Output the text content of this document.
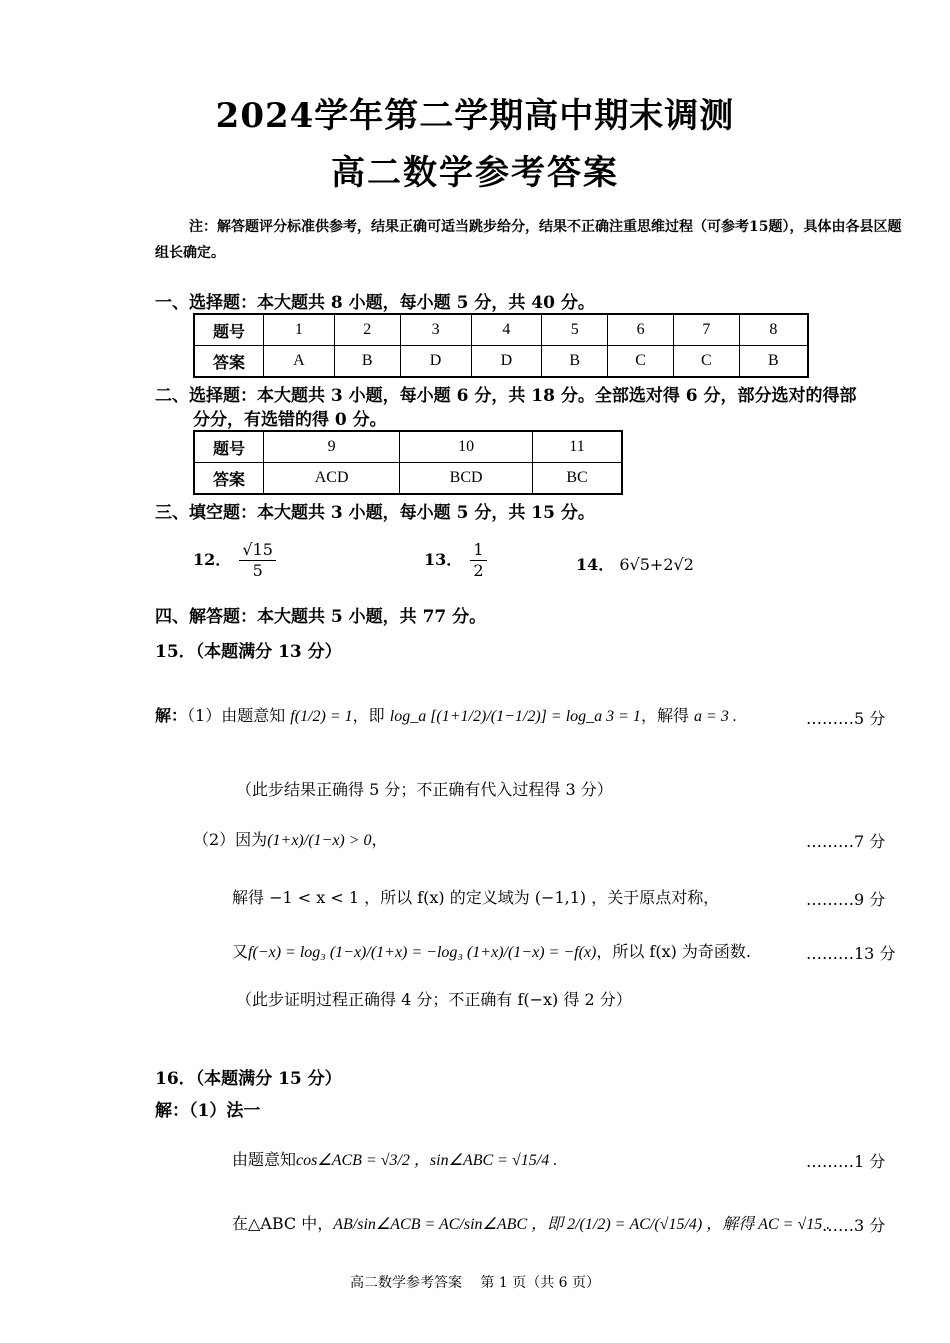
2024学年第二学期高中期末调测
高二数学参考答案
注：解答题评分标准供参考，结果正确可适当跳步给分，结果不正确注重思维过程（可参考15题），具体由各县区题组长确定。
一、选择题：本大题共 8 小题，每小题 5 分，共 40 分。
题号	1	2	3	4	5	6	7	8
答案	A	B	D	D	B	C	C	B
二、选择题：本大题共 3 小题，每小题 6 分，共 18 分。全部选对得 6 分，部分选对的得部
分分，有选错的得 0 分。
题号	9	10	11
答案	ACD	BCD	BC
三、填空题：本大题共 3 小题，每小题 5 分，共 15 分。
12． $\frac{√15}{5}$	13． $\frac{1}{2}$	14． 6√5+2√2
四、解答题：本大题共 5 小题，共 77 分。
15．（本题满分 13 分）
解：（1）由题意知 f(1/2) = 1，即 log_a [(1+1/2)/(1−1/2)] = log_a 3 = 1，解得 a = 3 .	………5 分
（此步结果正确得 5 分；不正确有代入过程得 3 分）
（2）因为(1+x)/(1−x) > 0，	………7 分
解得 −1 < x < 1 ，所以 f(x) 的定义域为 (−1,1) ，关于原点对称，	………9 分
又f(−x) = log₃ (1−x)/(1+x) = −log₃ (1+x)/(1−x) = −f(x)，所以 f(x) 为奇函数.	………13 分
（此步证明过程正确得 4 分；不正确有 f(−x) 得 2 分）
16．（本题满分 15 分）
解：（1）法一
由题意知cos∠ACB = √3/2 ，sin∠ABC = √15/4 .	………1 分
在△ABC 中，AB/sin∠ACB = AC/sin∠ABC ，即 2/(1/2) = AC/(√15/4) ，解得 AC = √15 .
……3 分
高二数学参考答案　 第 1 页（共 6 页）
